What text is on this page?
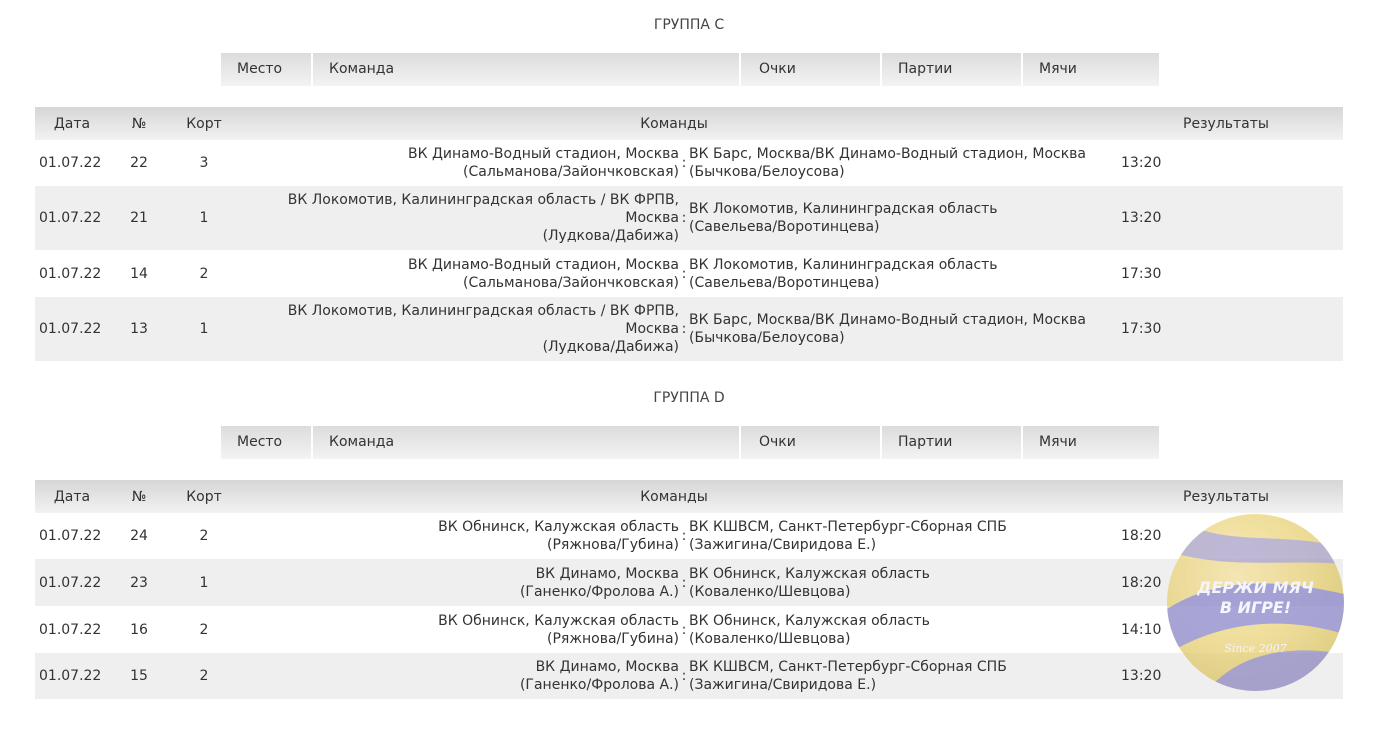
ГРУППА С
Место	Команда	Очки	Партии	Мячи
Дата	№	Корт	Команды			Результаты
01.07.22	22	3	ВК Динамо-Водный стадион, Москва
(Сальманова/Зайончковская)	:	ВК Барс, Москва/ВК Динамо-Водный стадион, Москва
(Бычкова/Белоусова)	13:20
01.07.22	21	1	ВК Локомотив, Калининградская область / ВК ФРПВ,
Москва
(Лудкова/Дабижа)	:	ВК Локомотив, Калининградская область
(Савельева/Воротинцева)	13:20
01.07.22	14	2	ВК Динамо-Водный стадион, Москва
(Сальманова/Зайончковская)	:	ВК Локомотив, Калининградская область
(Савельева/Воротинцева)	17:30
01.07.22	13	1	ВК Локомотив, Калининградская область / ВК ФРПВ,
Москва
(Лудкова/Дабижа)	:	ВК Барс, Москва/ВК Динамо-Водный стадион, Москва
(Бычкова/Белоусова)	17:30
ГРУППА D
Место	Команда	Очки	Партии	Мячи
Дата	№	Корт	Команды			Результаты
01.07.22	24	2	ВК Обнинск, Калужская область
(Ряжнова/Губина)	:	ВК КШВСМ, Санкт-Петербург-Сборная СПБ
(Зажигина/Свиридова Е.)	18:20
01.07.22	23	1	ВК Динамо, Москва
(Ганенко/Фролова А.)	:	ВК Обнинск, Калужская область
(Коваленко/Шевцова)	18:20
01.07.22	16	2	ВК Обнинск, Калужская область
(Ряжнова/Губина)	:	ВК Обнинск, Калужская область
(Коваленко/Шевцова)	14:10
01.07.22	15	2	ВК Динамо, Москва
(Ганенко/Фролова А.)	:	ВК КШВСМ, Санкт-Петербург-Сборная СПБ
(Зажигина/Свиридова Е.)	13:20
ДЕРЖИ МЯЧ
В ИГРЕ!
Since 2007
